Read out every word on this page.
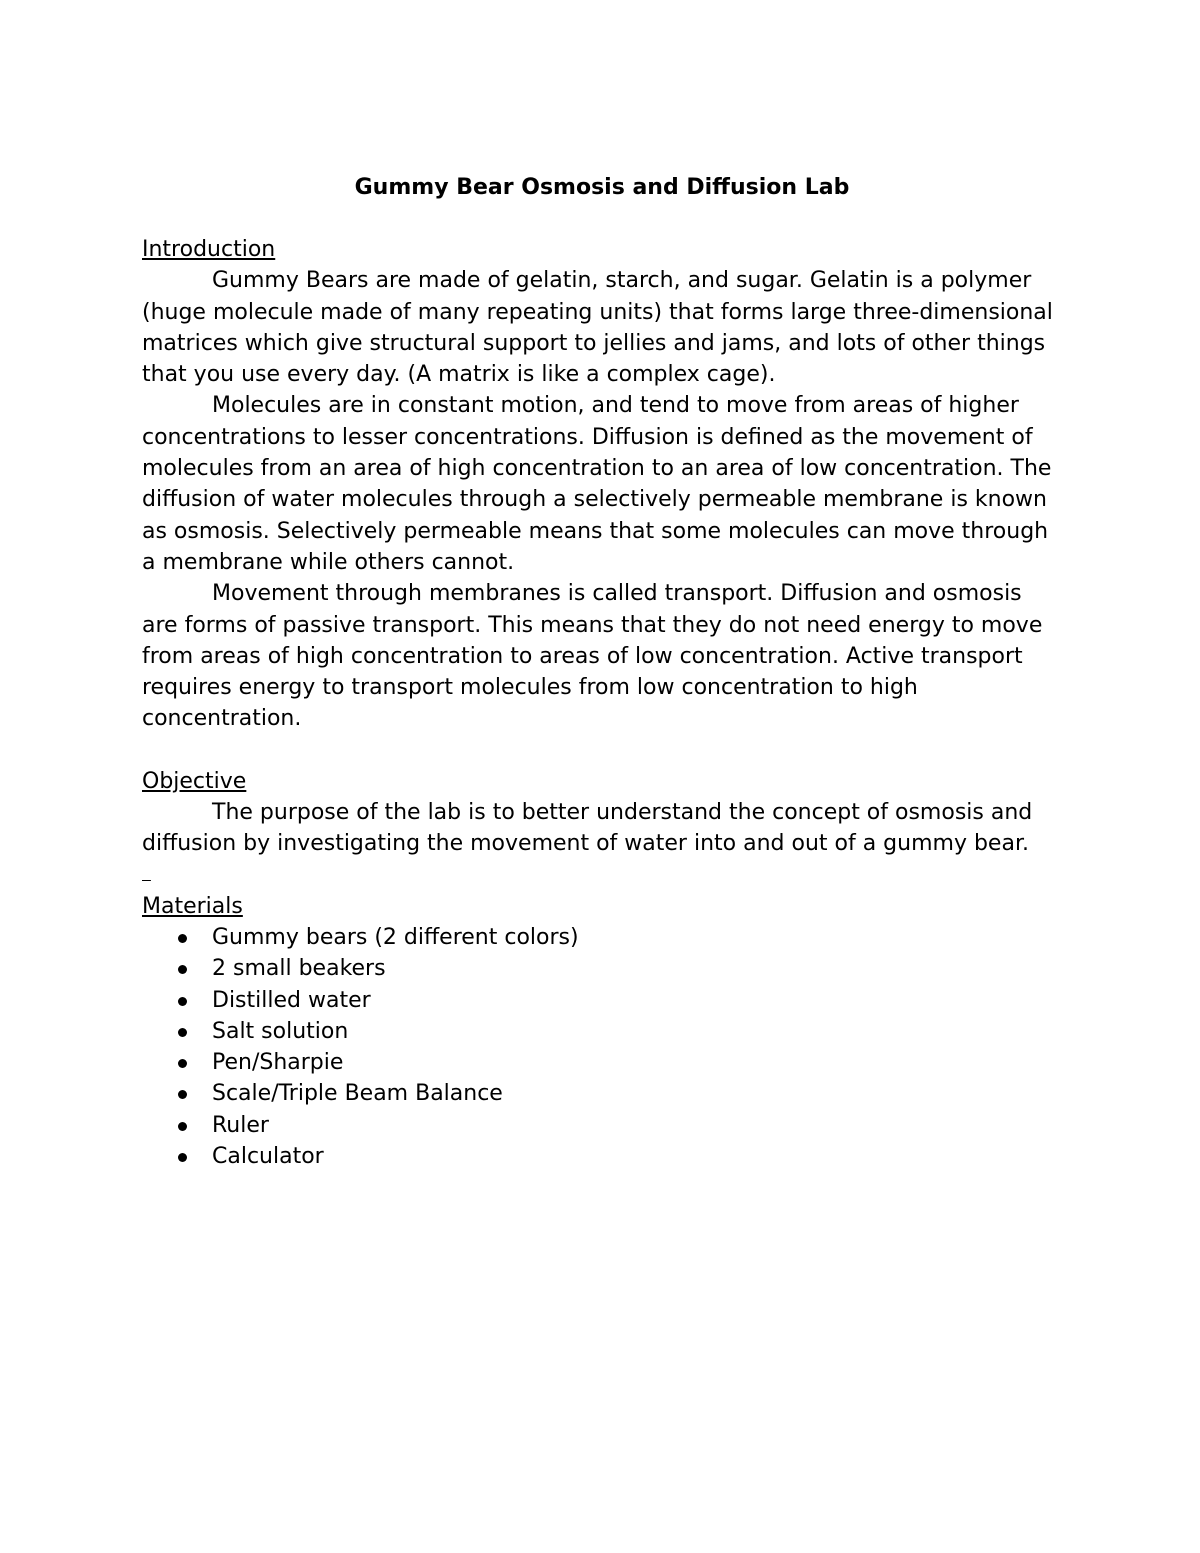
Gummy Bear Osmosis and Diffusion Lab

Introduction

Gummy Bears are made of gelatin, starch, and sugar. Gelatin is a polymer (huge molecule made of many repeating units) that forms large three-dimensional matrices which give structural support to jellies and jams, and lots of other things that you use every day. (A matrix is like a complex cage).

Molecules are in constant motion, and tend to move from areas of higher concentrations to lesser concentrations. Diffusion is defined as the movement of molecules from an area of high concentration to an area of low concentration. The diffusion of water molecules through a selectively permeable membrane is known as osmosis. Selectively permeable means that some molecules can move through a membrane while others cannot.

Movement through membranes is called transport. Diffusion and osmosis are forms of passive transport. This means that they do not need energy to move from areas of high concentration to areas of low concentration. Active transport requires energy to transport molecules from low concentration to high concentration.

Objective

The purpose of the lab is to better understand the concept of osmosis and diffusion by investigating the movement of water into and out of a gummy bear.

Materials

Gummy bears (2 different colors)
2 small beakers
Distilled water
Salt solution
Pen/Sharpie
Scale/Triple Beam Balance
Ruler
Calculator
